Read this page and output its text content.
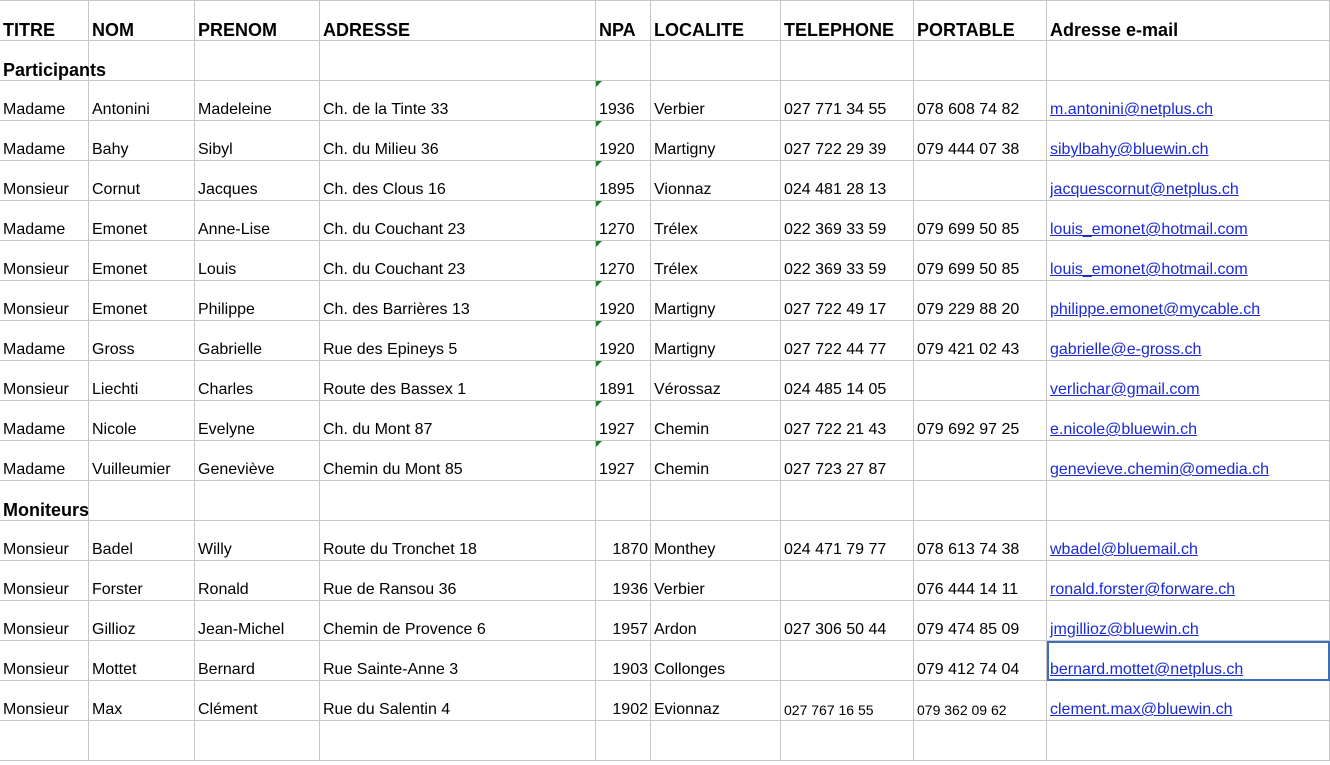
TITRE	NOM	PRENOM	ADRESSE	NPA	LOCALITE	TELEPHONE	PORTABLE	Adresse e-mail
Participants								
Madame	Antonini	Madeleine	Ch. de la Tinte 33	1936	Verbier	027 771 34 55	078 608 74 82	m.antonini@netplus.ch
Madame	Bahy	Sibyl	Ch. du Milieu 36	1920	Martigny	027 722 29 39	079 444 07 38	sibylbahy@bluewin.ch
Monsieur	Cornut	Jacques	Ch. des Clous 16	1895	Vionnaz	024 481 28 13		jacquescornut@netplus.ch
Madame	Emonet	Anne-Lise	Ch. du Couchant 23	1270	Trélex	022 369 33 59	079 699 50 85	louis_emonet@hotmail.com
Monsieur	Emonet	Louis	Ch. du Couchant 23	1270	Trélex	022 369 33 59	079 699 50 85	louis_emonet@hotmail.com
Monsieur	Emonet	Philippe	Ch. des Barrières 13	1920	Martigny	027 722 49 17	079 229 88 20	philippe.emonet@mycable.ch
Madame	Gross	Gabrielle	Rue des Epineys 5	1920	Martigny	027 722 44 77	079 421 02 43	gabrielle@e-gross.ch
Monsieur	Liechti	Charles	Route des Bassex 1	1891	Vérossaz	024 485 14 05		verlichar@gmail.com
Madame	Nicole	Evelyne	Ch. du Mont 87	1927	Chemin	027 722 21 43	079 692 97 25	e.nicole@bluewin.ch
Madame	Vuilleumier	Geneviève	Chemin du Mont 85	1927	Chemin	027 723 27 87		genevieve.chemin@omedia.ch
Moniteurs								
Monsieur	Badel	Willy	Route du Tronchet 18	1870	Monthey	024 471 79 77	078 613 74 38	wbadel@bluemail.ch
Monsieur	Forster	Ronald	Rue de Ransou 36	1936	Verbier		076 444 14 11	ronald.forster@forware.ch
Monsieur	Gillioz	Jean-Michel	Chemin de Provence 6	1957	Ardon	027 306 50 44	079 474 85 09	jmgillioz@bluewin.ch
Monsieur	Mottet	Bernard	Rue Sainte-Anne 3	1903	Collonges		079 412 74 04	bernard.mottet@netplus.ch
Monsieur	Max	Clément	Rue du Salentin 4	1902	Evionnaz	027 767 16 55	079 362 09 62	clement.max@bluewin.ch
